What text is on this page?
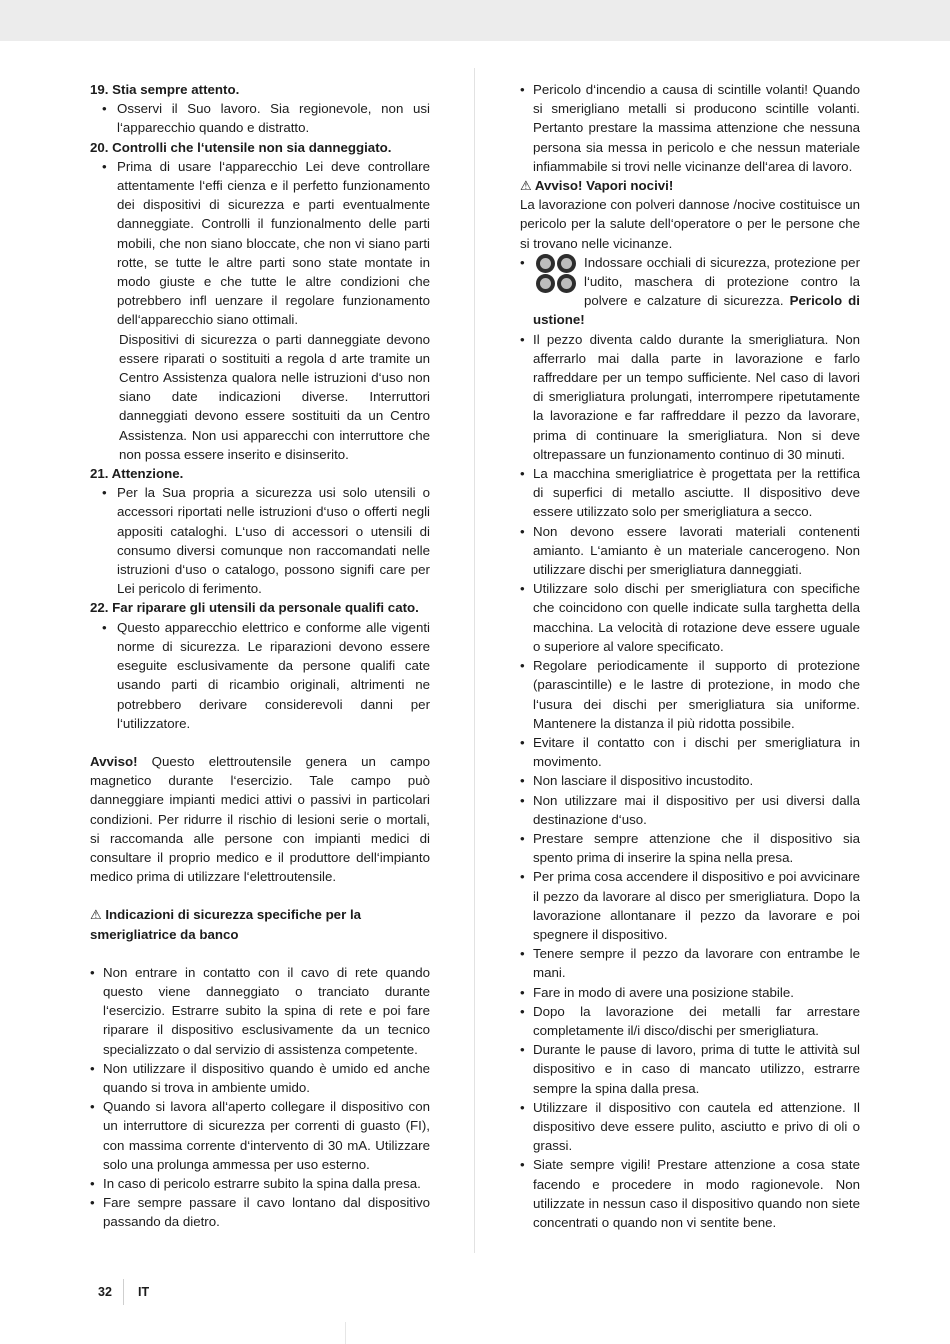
19. Stia sempre attento.

• Osservi il Suo lavoro. Sia regionevole, non usi l‘apparecchio quando e distratto.

20. Controlli che l‘utensile non sia danneggiato.

• Prima di usare l‘apparecchio Lei deve controllare attentamente l‘effi cienza e il perfetto funzionamento dei dispositivi di sicurezza e parti eventualmente danneggiate. Controlli il funzionalmento delle parti mobili, che non siano bloccate, che non vi siano parti rotte, se tutte le altre parti sono state montate in modo giuste e che tutte le altre condizioni che potrebbero infl uenzare il regolare funzionamento dell‘apparecchio siano ottimali.

Dispositivi di sicurezza o parti danneggiate devono essere riparati o sostituiti a regola d arte tramite un Centro Assistenza qualora nelle istruzioni d‘uso non siano date indicazioni diverse. Interruttori danneggiati devono essere sostituiti da un Centro Assistenza. Non usi apparecchi con interruttore che non possa essere inserito e disinserito.

21. Attenzione.

• Per la Sua propria a sicurezza usi solo utensili o accessori riportati nelle istruzioni d‘uso o offerti negli appositi cataloghi. L‘uso di accessori o utensili di consumo diversi comunque non raccomandati nelle istruzioni d‘uso o catalogo, possono signifi care per Lei pericolo di ferimento.

22. Far riparare gli utensili da personale qualifi cato.

• Questo apparecchio elettrico e conforme alle vigenti norme di sicurezza. Le riparazioni devono essere eseguite esclusivamente da persone qualifi cate usando parti di ricambio originali, altrimenti ne potrebbero derivare considerevoli danni per l‘utilizzatore.

Avviso! Questo elettroutensile genera un campo magnetico durante l‘esercizio. Tale campo può danneggiare impianti medici attivi o passivi in particolari condizioni. Per ridurre il rischio di lesioni serie o mortali, si raccomanda alle persone con impianti medici di consultare il proprio medico e il produttore dell‘impianto medico prima di utilizzare l‘elettroutensile.

⚠ Indicazioni di sicurezza specifiche per la smerigliatrice da banco

• Non entrare in contatto con il cavo di rete quando questo viene danneggiato o tranciato durante l‘esercizio. Estrarre subito la spina di rete e poi fare riparare il dispositivo esclusivamente da un tecnico specializzato o dal servizio di assistenza competente.
• Non utilizzare il dispositivo quando è umido ed anche quando si trova in ambiente umido.
• Quando si lavora all‘aperto collegare il dispositivo con un interruttore di sicurezza per correnti di guasto (FI), con massima corrente d‘intervento di 30 mA. Utilizzare solo una prolunga ammessa per uso esterno.
• In caso di pericolo estrarre subito la spina dalla presa.
• Fare sempre passare il cavo lontano dal dispositivo passando da dietro.
• Pericolo d‘incendio a causa di scintille volanti! Quando si smerigliano metalli si producono scintille volanti. Pertanto prestare la massima attenzione che nessuna persona sia messa in pericolo e che nessun materiale infiammabile si trovi nelle vicinanze dell‘area di lavoro.

⚠ Avviso! Vapori nocivi!

La lavorazione con polveri dannose /nocive costituisce un pericolo per la salute dell‘operatore o per le persone che si trovano nelle vicinanze.

•	Indossare occhiali di sicurezza, protezione per l‘udito, maschera di protezione contro la polvere e calzature di sicurezza. Pericolo di ustione!
• Il pezzo diventa caldo durante la smerigliatura. Non afferrarlo mai dalla parte in lavorazione e farlo raffreddare per un tempo sufficiente. Nel caso di lavori di smerigliatura prolungati, interrompere ripetutamente la lavorazione e far raffreddare il pezzo da lavorare, prima di continuare la smerigliatura. Non si deve oltrepassare un funzionamento continuo di 30 minuti.
• La macchina smerigliatrice è progettata per la rettifica di superfici di metallo asciutte. Il dispositivo deve essere utilizzato solo per smerigliatura a secco.
• Non devono essere lavorati materiali contenenti amianto. L‘amianto è un materiale cancerogeno. Non utilizzare dischi per smerigliatura danneggiati.
• Utilizzare solo dischi per smerigliatura con specifiche che coincidono con quelle indicate sulla targhetta della macchina. La velocità di rotazione deve essere uguale o superiore al valore specificato.
• Regolare periodicamente il supporto di protezione (parascintille) e le lastre di protezione, in modo che l‘usura dei dischi per smerigliatura sia uniforme. Mantenere la distanza il più ridotta possibile.
• Evitare il contatto con i dischi per smerigliatura in movimento.
• Non lasciare il dispositivo incustodito.
• Non utilizzare mai il dispositivo per usi diversi dalla destinazione d‘uso.
• Prestare sempre attenzione che il dispositivo sia spento prima di inserire la spina nella presa.
• Per prima cosa accendere il dispositivo e poi avvicinare il pezzo da lavorare al disco per smerigliatura. Dopo la lavorazione allontanare il pezzo da lavorare e poi spegnere il dispositivo.
• Tenere sempre il pezzo da lavorare con entrambe le mani.
• Fare in modo di avere una posizione stabile.
• Dopo la lavorazione dei metalli far arrestare completamente il/i disco/dischi per smerigliatura.
• Durante le pause di lavoro, prima di tutte le attività sul dispositivo e in caso di mancato utilizzo, estrarre sempre la spina dalla presa.
• Utilizzare il dispositivo con cautela ed attenzione. Il dispositivo deve essere pulito, asciutto e privo di oli o grassi.
• Siate sempre vigili! Prestare attenzione a cosa state facendo e procedere in modo ragionevole. Non utilizzate in nessun caso il dispositivo quando non siete concentrati o quando non vi sentite bene.
32 IT
